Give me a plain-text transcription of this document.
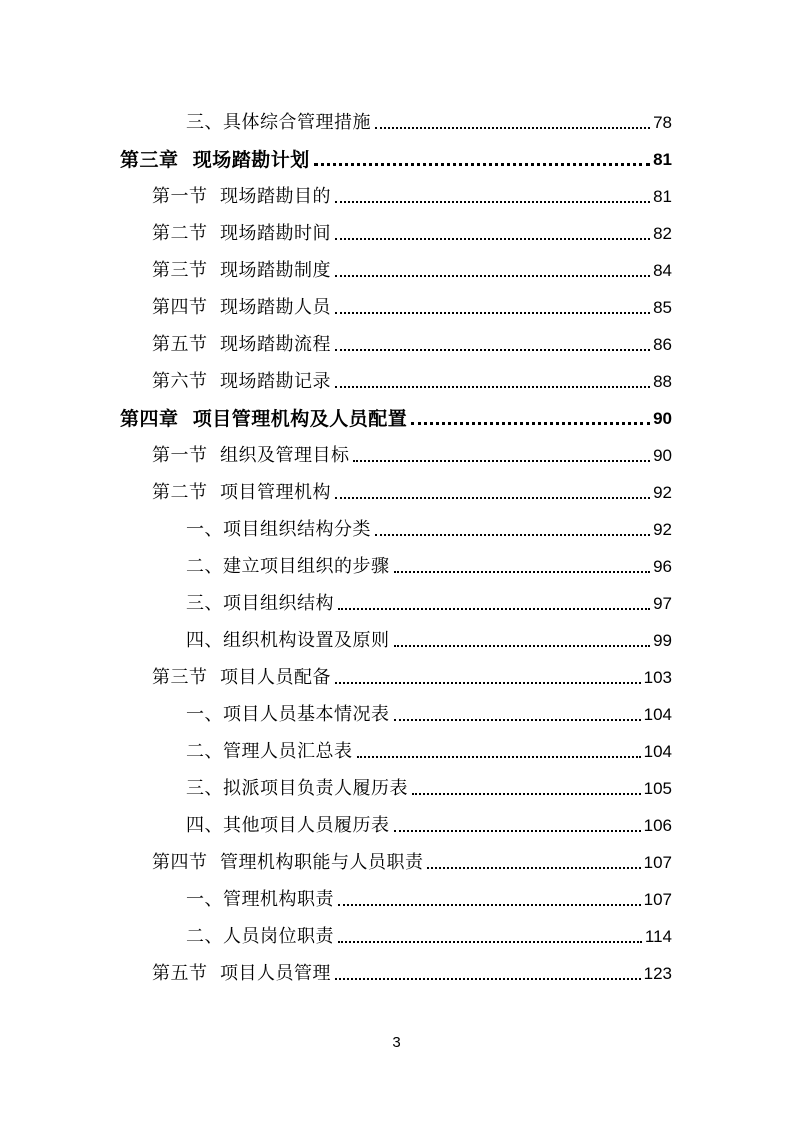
三、具体综合管理措施	78
第三章  现场踏勘计划	81
第一节  现场踏勘目的	81
第二节  现场踏勘时间	82
第三节  现场踏勘制度	84
第四节  现场踏勘人员	85
第五节  现场踏勘流程	86
第六节  现场踏勘记录	88
第四章  项目管理机构及人员配置	90
第一节  组织及管理目标	90
第二节  项目管理机构	92
一、项目组织结构分类	92
二、建立项目组织的步骤	96
三、项目组织结构	97
四、组织机构设置及原则	99
第三节  项目人员配备	103
一、项目人员基本情况表	104
二、管理人员汇总表	104
三、拟派项目负责人履历表	105
四、其他项目人员履历表	106
第四节  管理机构职能与人员职责	107
一、管理机构职责	107
二、人员岗位职责	114
第五节  项目人员管理	123
3
